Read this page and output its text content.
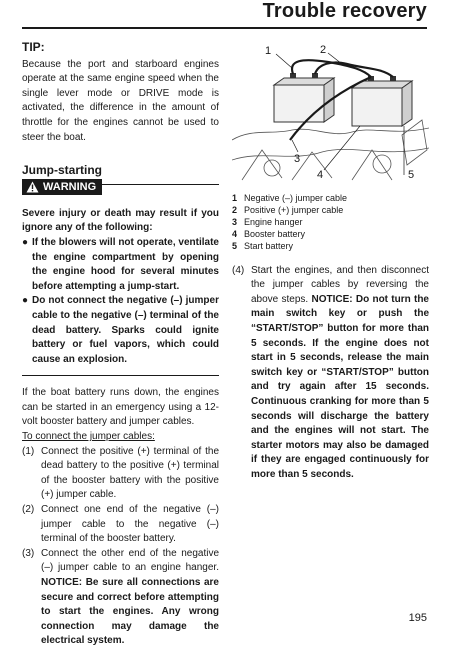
Trouble recovery
TIP:

Because the port and starboard engines operate at the same engine speed when the single lever mode or DRIVE mode is activated, the difference in the amount of throttle for the engines cannot be used to steer the boat.

Jump-starting
WARNING

Severe injury or death may result if you ignore any of the following:

● If the blowers will not operate, ventilate the engine compartment by opening the engine hood for several minutes before attempting a jump-start.
● Do not connect the negative (–) jumper cable to the negative (–) terminal of the dead battery. Sparks could ignite battery or fuel vapors, which could cause an explosion.

If the boat battery runs down, the engines can be started in an emergency using a 12-volt booster battery and jumper cables.

To connect the jumper cables:

(1) Connect the positive (+) terminal of the dead battery to the positive (+) terminal of the booster battery with the positive (+) jumper cable.
(2) Connect one end of the negative (–) jumper cable to the negative (–) terminal of the booster battery.
(3) Connect the other end of the negative (–) jumper cable to an engine hanger. NOTICE: Be sure all connections are secure and correct before attempting to start the engines. Any wrong connection may damage the electrical system.
1	2
3
4	5
1 Negative (–) jumper cable
2 Positive (+) jumper cable
3 Engine hanger
4 Booster battery
5 Start battery
(4) Start the engines, and then disconnect the jumper cables by reversing the above steps. NOTICE: Do not turn the main switch key or push the “START/STOP” button for more than 5 seconds. If the engine does not start in 5 seconds, release the main switch key or “START/STOP” button and try again after 15 seconds. Continuous cranking for more than 5 seconds will discharge the battery and the engines will not start. The starter motors may also be damaged if they are engaged continuously for more than 5 seconds.
195
